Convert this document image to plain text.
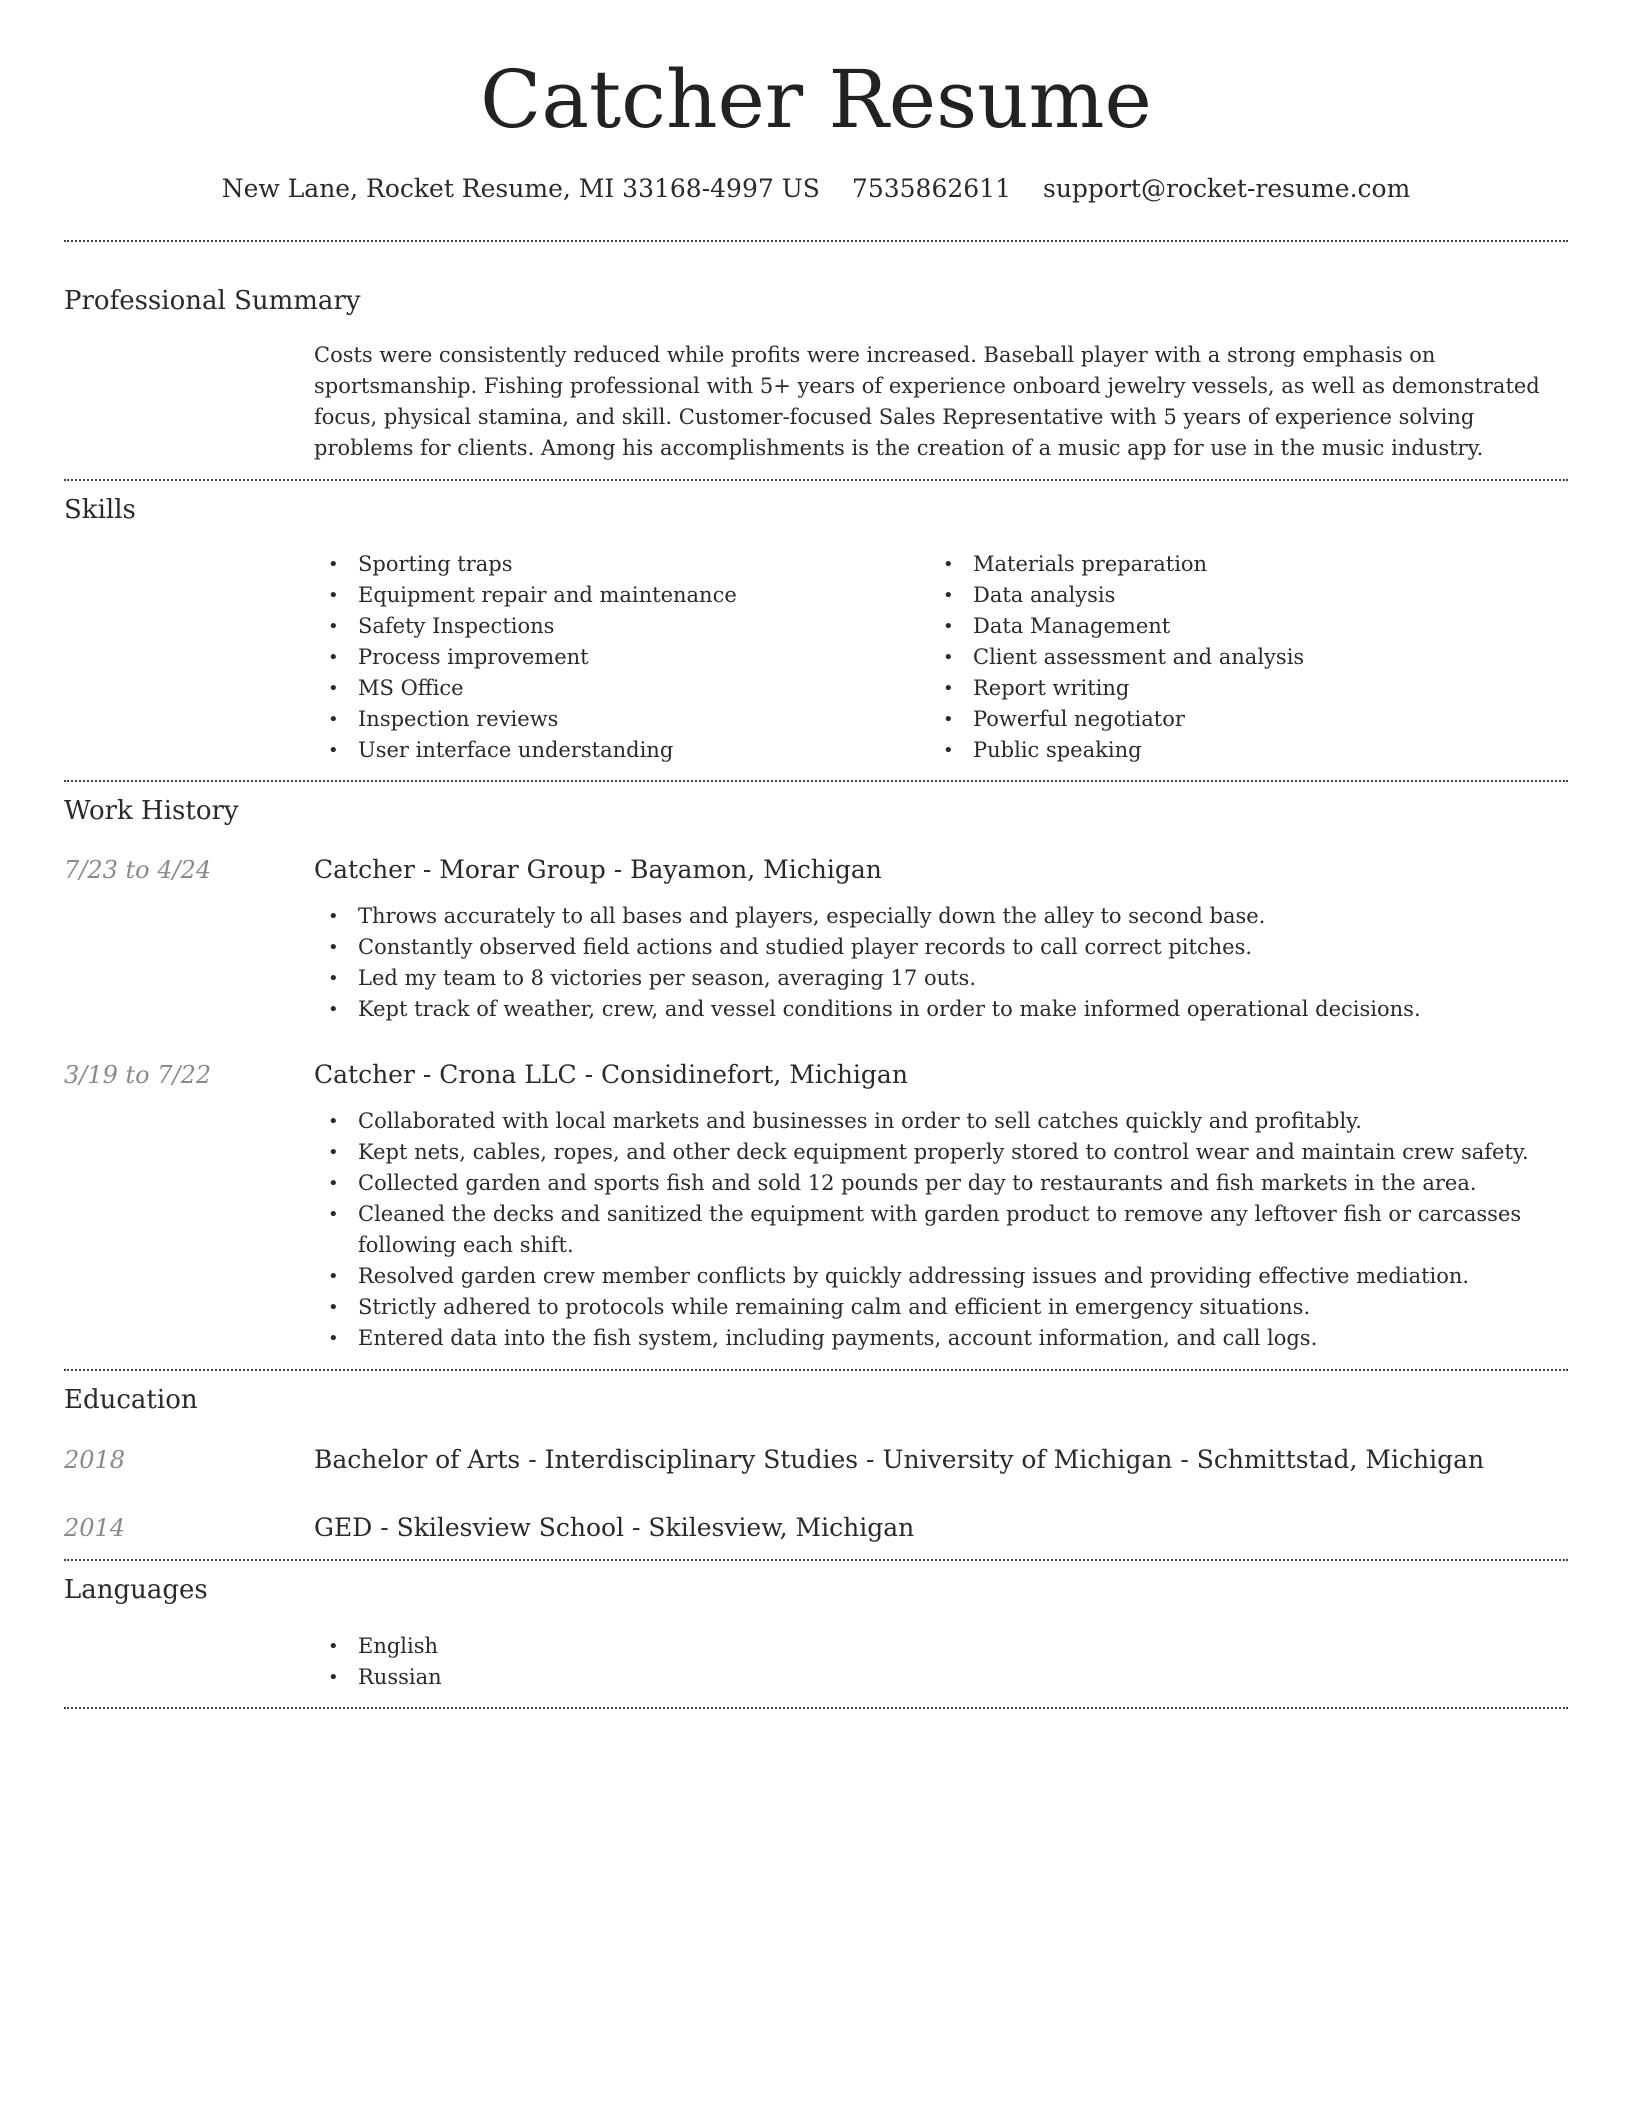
Catcher Resume
New Lane, Rocket Resume, MI 33168-4997 US 7535862611 support@rocket-resume.com
Professional Summary

Costs were consistently reduced while profits were increased. Baseball player with a strong emphasis on sportsmanship. Fishing professional with 5+ years of experience onboard jewelry vessels, as well as demonstrated focus, physical stamina, and skill. Customer-focused Sales Representative with 5 years of experience solving problems for clients. Among his accomplishments is the creation of a music app for use in the music industry.

Skills
• Sporting traps
• Equipment repair and maintenance
• Safety Inspections
• Process improvement
• MS Office
• Inspection reviews
• User interface understanding
• Materials preparation
• Data analysis
• Data Management
• Client assessment and analysis
• Report writing
• Powerful negotiator
• Public speaking
Work History
7/23 to 4/24	Catcher - Morar Group - Bayamon, Michigan
• Throws accurately to all bases and players, especially down the alley to second base.
• Constantly observed field actions and studied player records to call correct pitches.
• Led my team to 8 victories per season, averaging 17 outs.
• Kept track of weather, crew, and vessel conditions in order to make informed operational decisions.
3/19 to 7/22	Catcher - Crona LLC - Considinefort, Michigan
• Collaborated with local markets and businesses in order to sell catches quickly and profitably.
• Kept nets, cables, ropes, and other deck equipment properly stored to control wear and maintain crew safety.
• Collected garden and sports fish and sold 12 pounds per day to restaurants and fish markets in the area.
• Cleaned the decks and sanitized the equipment with garden product to remove any leftover fish or carcasses following each shift.
• Resolved garden crew member conflicts by quickly addressing issues and providing effective mediation.
• Strictly adhered to protocols while remaining calm and efficient in emergency situations.
• Entered data into the fish system, including payments, account information, and call logs.
Education
2018	Bachelor of Arts - Interdisciplinary Studies - University of Michigan - Schmittstad, Michigan
2014	GED - Skilesview School - Skilesview, Michigan
Languages
• English
• Russian
